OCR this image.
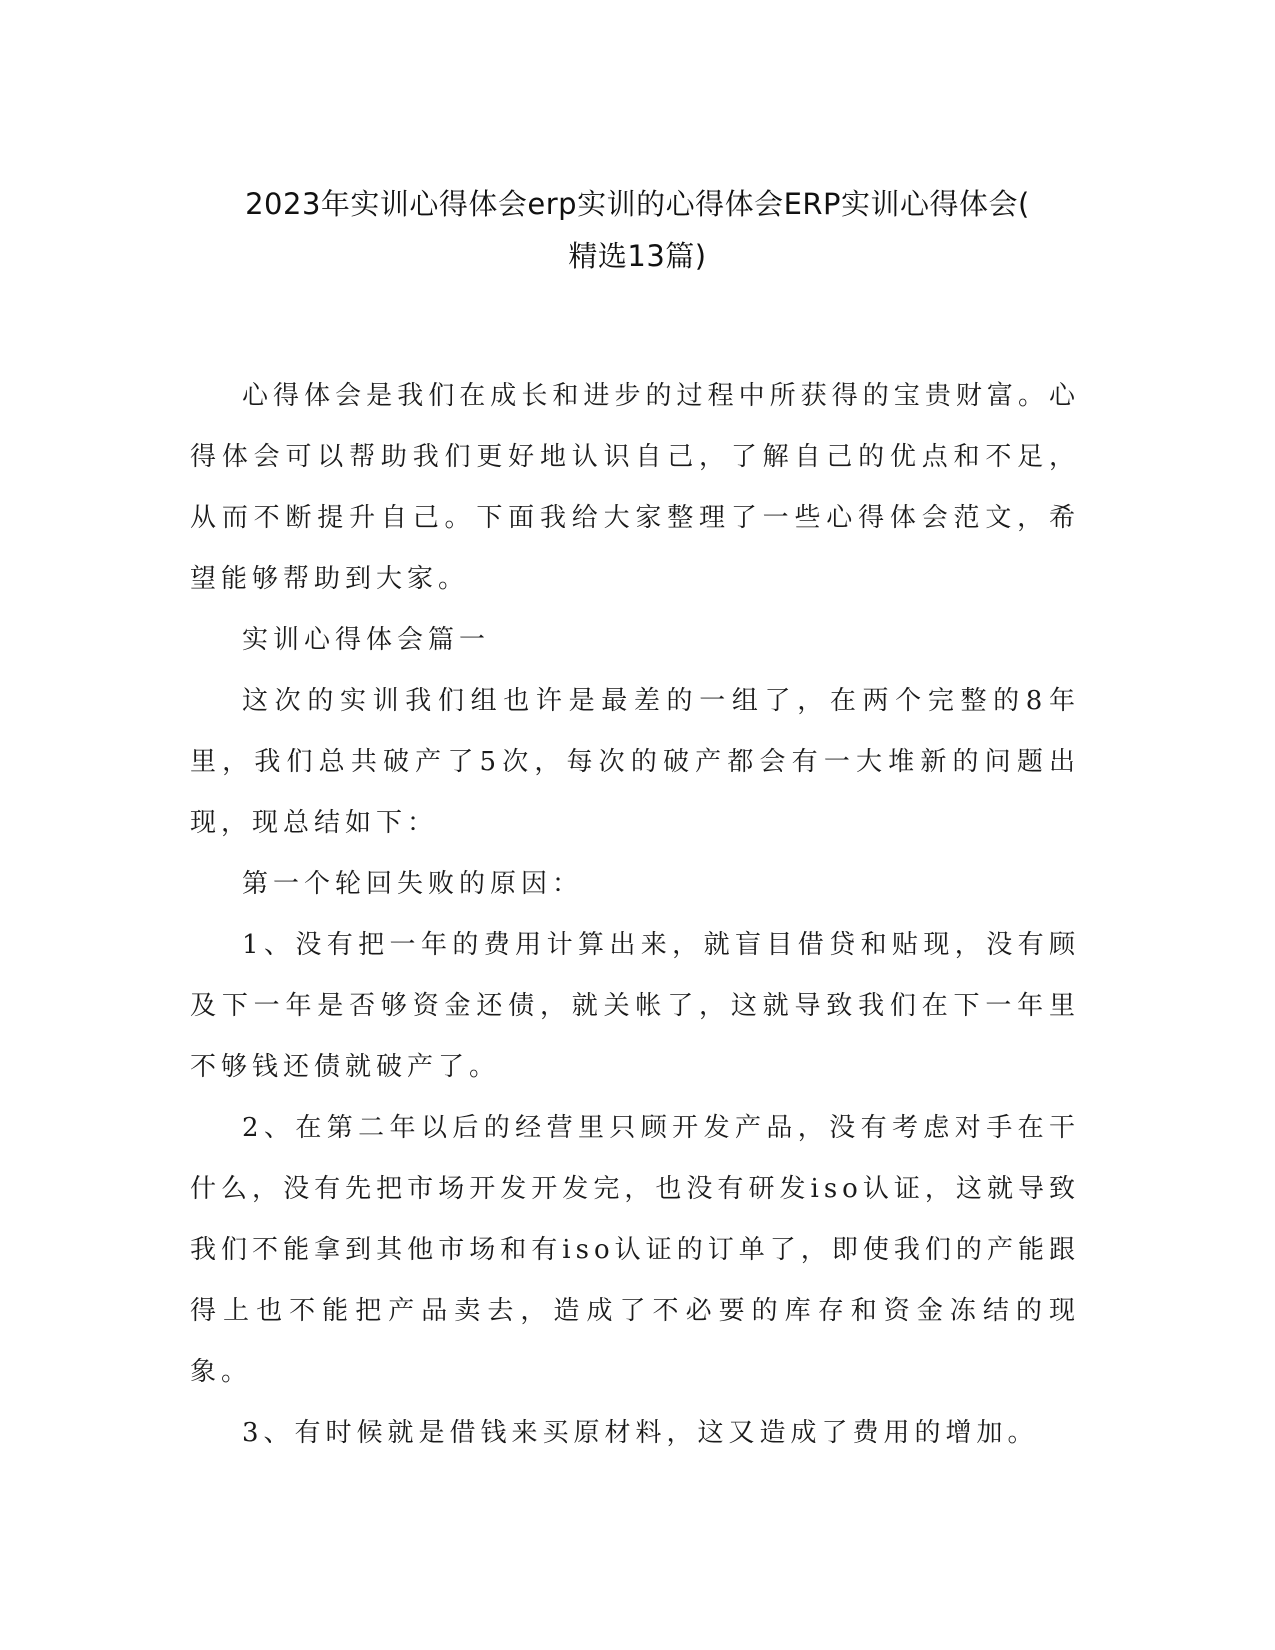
2023年实训心得体会erp实训的心得体会ERP实训心得体会(
精选13篇)

心得体会是我们在成长和进步的过程中所获得的宝贵财富。心得体会可以帮助我们更好地认识自己，了解自己的优点和不足，从而不断提升自己。下面我给大家整理了一些心得体会范文，希望能够帮助到大家。

实训心得体会篇一

这次的实训我们组也许是最差的一组了，在两个完整的8年里，我们总共破产了5次，每次的破产都会有一大堆新的问题出现，现总结如下：

第一个轮回失败的原因：

1、没有把一年的费用计算出来，就盲目借贷和贴现，没有顾及下一年是否够资金还债，就关帐了，这就导致我们在下一年里不够钱还债就破产了。

2、在第二年以后的经营里只顾开发产品，没有考虑对手在干什么，没有先把市场开发开发完，也没有研发iso认证，这就导致我们不能拿到其他市场和有iso认证的订单了，即使我们的产能跟得上也不能把产品卖去，造成了不必要的库存和资金冻结的现象。

3、有时候就是借钱来买原材料，这又造成了费用的增加。
